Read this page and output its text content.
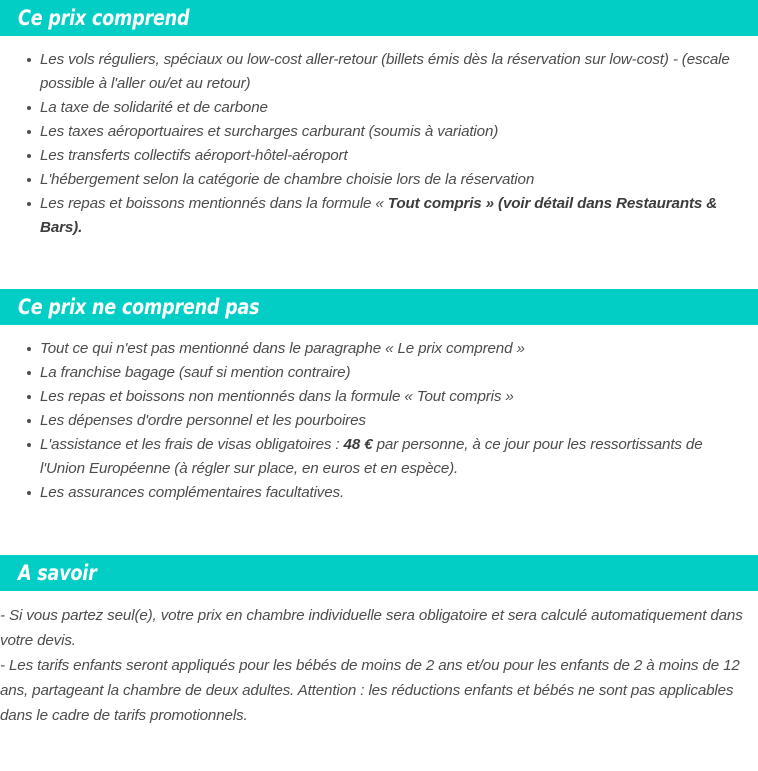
Ce prix comprend
Les vols réguliers, spéciaux ou low-cost aller-retour (billets émis dès la réservation sur low-cost) - (escale possible à l'aller ou/et au retour)
La taxe de solidarité et de carbone
Les taxes aéroportuaires et surcharges carburant (soumis à variation)
Les transferts collectifs aéroport-hôtel-aéroport
L'hébergement selon la catégorie de chambre choisie lors de la réservation
Les repas et boissons mentionnés dans la formule « Tout compris » (voir détail dans Restaurants & Bars).
Ce prix ne comprend pas
Tout ce qui n'est pas mentionné dans le paragraphe « Le prix comprend »
La franchise bagage (sauf si mention contraire)
Les repas et boissons non mentionnés dans la formule « Tout compris »
Les dépenses d'ordre personnel et les pourboires
L'assistance et les frais de visas obligatoires : 48 € par personne, à ce jour pour les ressortissants de l'Union Européenne (à régler sur place, en euros et en espèce).
Les assurances complémentaires facultatives.
A savoir

- Si vous partez seul(e), votre prix en chambre individuelle sera obligatoire et sera calculé automatiquement dans votre devis.

- Les tarifs enfants seront appliqués pour les bébés de moins de 2 ans et/ou pour les enfants de 2 à moins de 12 ans, partageant la chambre de deux adultes. Attention : les réductions enfants et bébés ne sont pas applicables dans le cadre de tarifs promotionnels.
